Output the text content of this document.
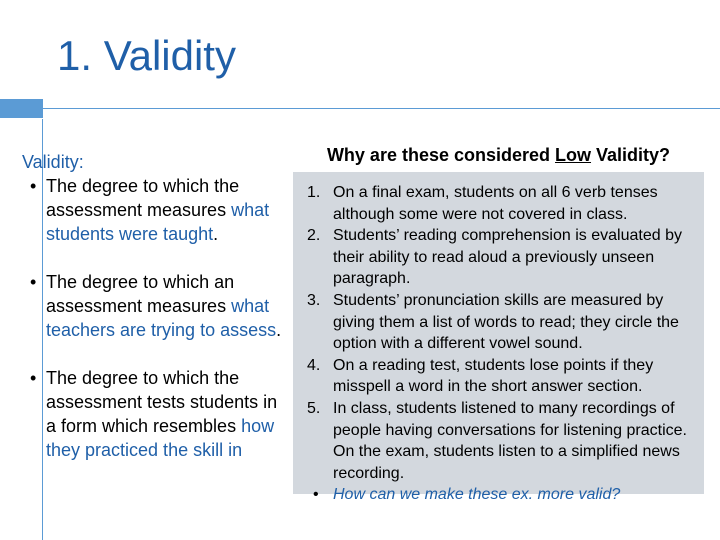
1. Validity

Validity:

• The degree to which the assessment measures what students were taught.
• The degree to which an assessment measures what teachers are trying to assess.
• The degree to which the assessment tests students in a form which resembles how they practiced the skill in
Why are these considered Low Validity?
1. On a final exam, students on all 6 verb tenses although some were not covered in class.
2. Students’ reading comprehension is evaluated by their ability to read aloud a previously unseen paragraph.
3. Students’ pronunciation skills are measured by giving them a list of words to read; they circle the option with a different vowel sound.
4. On a reading test, students lose points if they misspell a word in the short answer section.
5. In class, students listened to many recordings of people having conversations for listening practice. On the exam, students listen to a simplified news recording.
• How can we make these ex. more valid?
